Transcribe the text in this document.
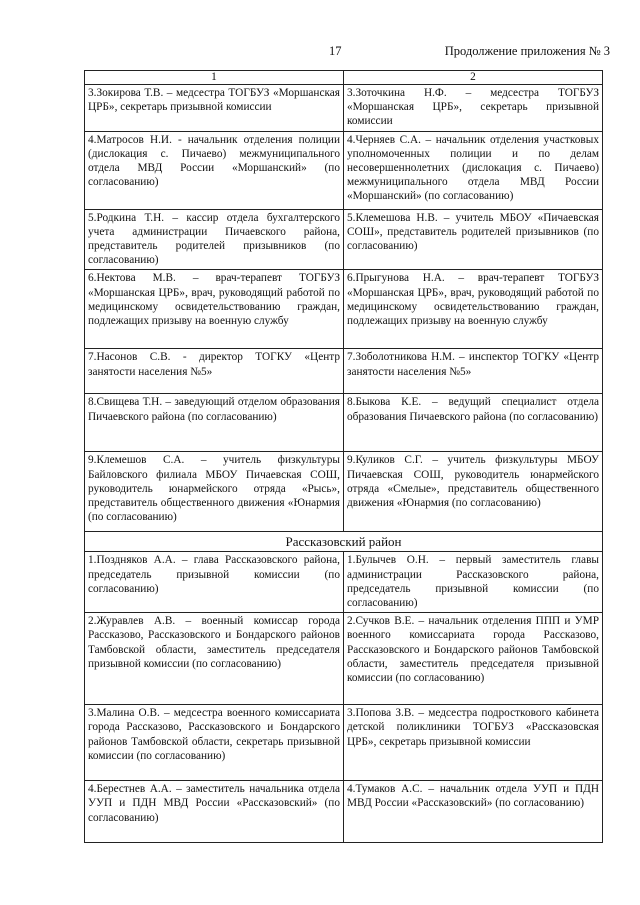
17	Продолжение приложения № 3
1	2
3.Зокирова Т.В. – медсестра ТОГБУЗ «Моршанская ЦРБ», секретарь призывной комиссии	3.Зоточкина Н.Ф. – медсестра ТОГБУЗ «Моршанская ЦРБ», секретарь призывной комиссии
4.Матросов Н.И. - начальник отделения полиции (дислокация с. Пичаево) межмуниципального отдела МВД России «Моршанский» (по согласованию)	4.Черняев С.А. – начальник отделения участковых уполномоченных полиции и по делам несовершеннолетних (дислокация с. Пичаево) межмуниципального отдела МВД России «Моршанский» (по согласованию)
5.Родкина Т.Н. – кассир отдела бухгалтерского учета администрации Пичаевского района, представитель родителей призывников (по согласованию)	5.Клемешова Н.В. – учитель МБОУ «Пичаевская СОШ», представитель родителей призывников (по согласованию)
6.Нектова М.В. – врач-терапевт ТОГБУЗ «Моршанская ЦРБ», врач, руководящий работой по медицинскому освидетельствованию граждан, подлежащих призыву на военную службу	6.Прыгунова Н.А. – врач-терапевт ТОГБУЗ «Моршанская ЦРБ», врач, руководящий работой по медицинскому освидетельствованию граждан, подлежащих призыву на военную службу
7.Насонов С.В. - директор ТОГКУ «Центр занятости населения №5»	7.Зоболотникова Н.М. – инспектор ТОГКУ «Центр занятости населения №5»
8.Свищева Т.Н. – заведующий отделом образования Пичаевского района (по согласованию)	8.Быкова К.Е. – ведущий специалист отдела образования Пичаевского района (по согласованию)
9.Клемешов С.А. – учитель физкультуры Байловского филиала МБОУ Пичаевская СОШ, руководитель юнармейского отряда «Рысь», представитель общественного движения «Юнармия (по согласованию)	9.Куликов С.Г. – учитель физкультуры МБОУ Пичаевская СОШ, руководитель юнармейского отряда «Смелые», представитель общественного движения «Юнармия (по согласованию)
Рассказовский район	
1.Поздняков А.А. – глава Рассказовского района, председатель призывной комиссии (по согласованию)	1.Булычев О.Н. – первый заместитель главы администрации Рассказовского района, председатель призывной комиссии (по согласованию)
2.Журавлев А.В. – военный комиссар города Рассказово, Рассказовского и Бондарского районов Тамбовской области, заместитель председателя призывной комиссии (по согласованию)	2.Сучков В.Е. – начальник отделения ППП и УМР военного комиссариата города Рассказово, Рассказовского и Бондарского районов Тамбовской области, заместитель председателя призывной комиссии (по согласованию)
3.Малина О.В. – медсестра военного комиссариата города Рассказово, Рассказовского и Бондарского районов Тамбовской области, секретарь призывной комиссии (по согласованию)	3.Попова З.В. – медсестра подросткового кабинета детской поликлиники ТОГБУЗ «Рассказовская ЦРБ», секретарь призывной комиссии
4.Берестнев А.А. – заместитель начальника отдела УУП и ПДН МВД России «Рассказовский» (по согласованию)	4.Тумаков А.С. – начальник отдела УУП и ПДН МВД России «Рассказовский» (по согласованию)
